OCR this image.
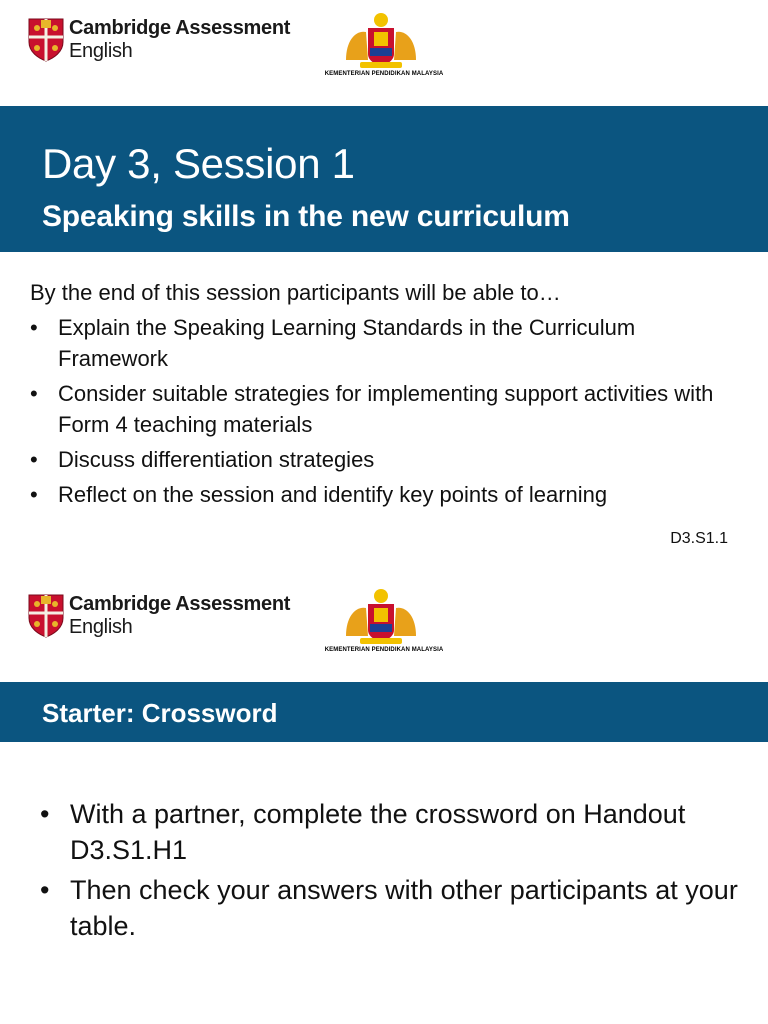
Cambridge Assessment
English
KEMENTERIAN PENDIDIKAN MALAYSIA
Day 3, Session 1
Speaking skills in the new curriculum

By the end of this session participants will be able to…

• Explain the Speaking Learning Standards in the Curriculum Framework
• Consider suitable strategies for implementing support activities with Form 4 teaching materials
• Discuss differentiation strategies
• Reflect on the session and identify key points of learning
D3.S1.1
Cambridge Assessment
English
KEMENTERIAN PENDIDIKAN MALAYSIA
Starter: Crossword
• With a partner, complete the crossword on Handout D3.S1.H1
• Then check your answers with other participants at your table.
